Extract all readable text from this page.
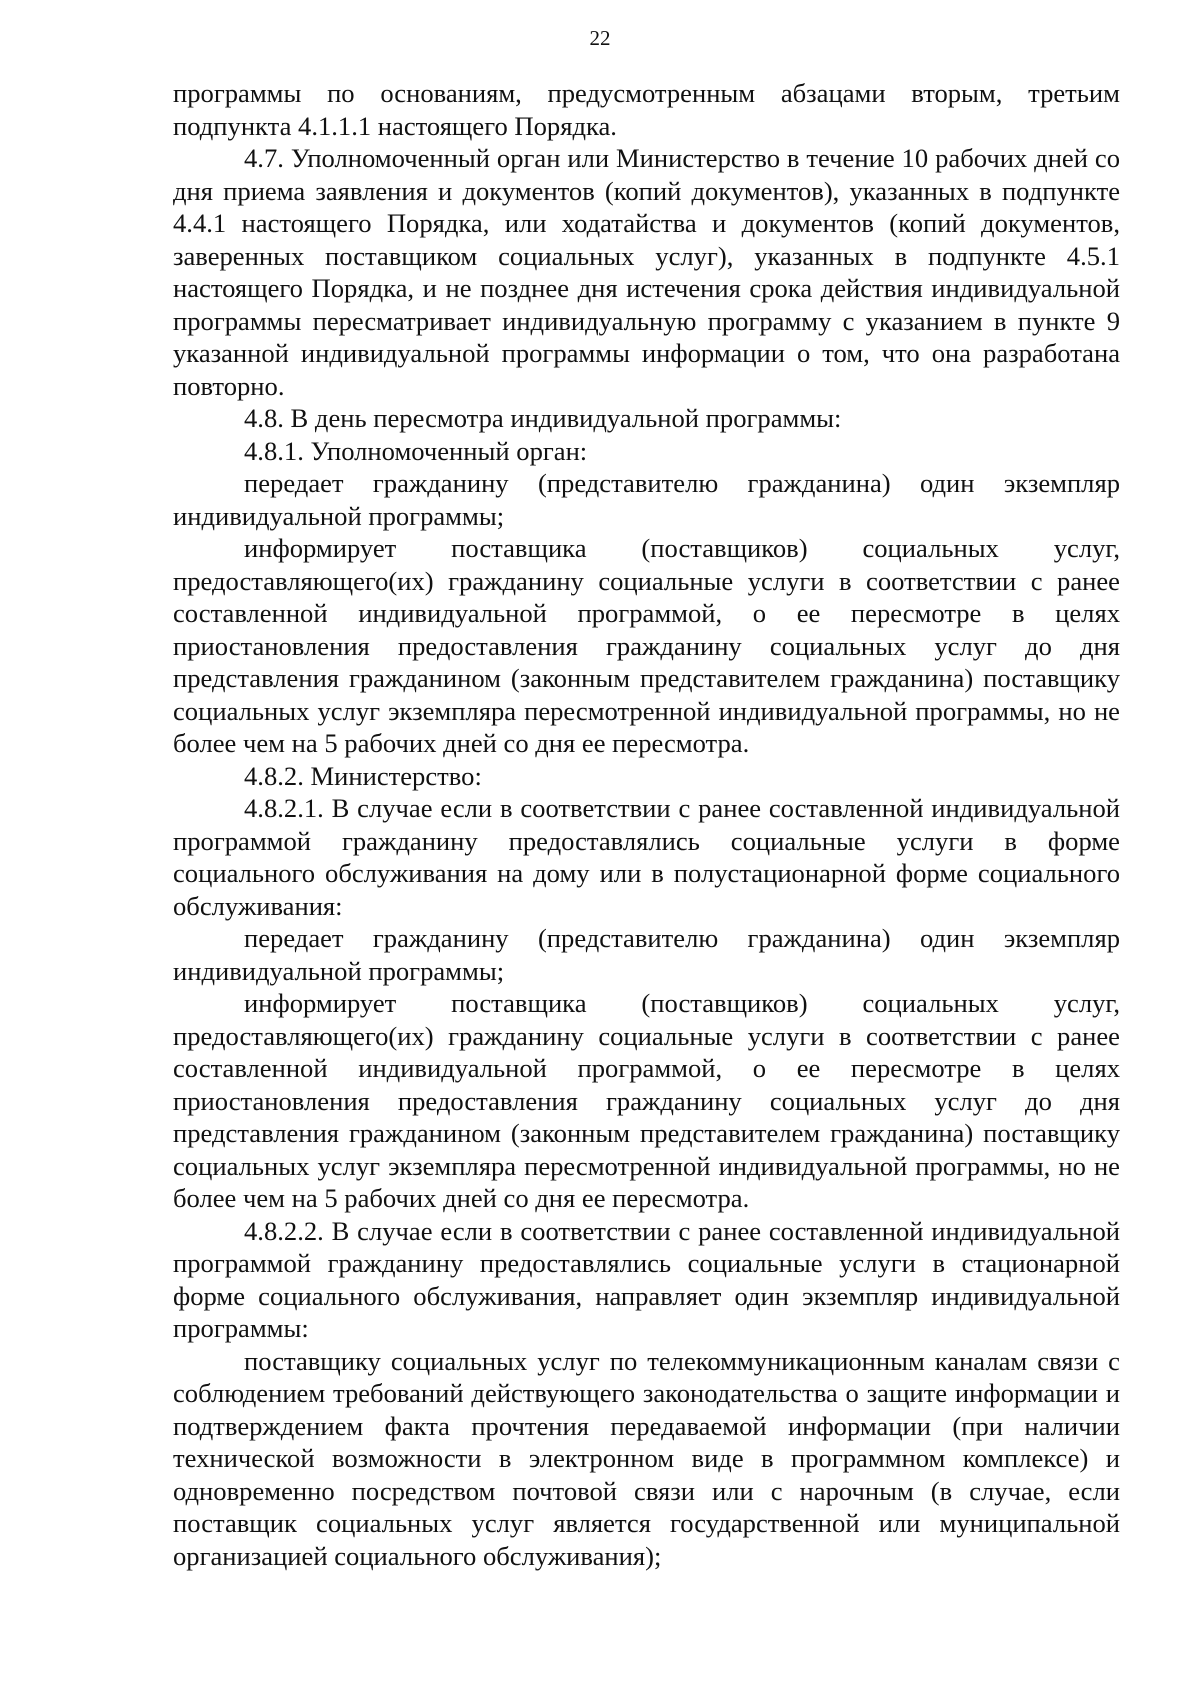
22

программы по основаниям, предусмотренным абзацами вторым, третьим подпункта 4.1.1.1 настоящего Порядка.

4.7. Уполномоченный орган или Министерство в течение 10 рабочих дней со дня приема заявления и документов (копий документов), указанных в подпункте 4.4.1 настоящего Порядка, или ходатайства и документов (копий документов, заверенных поставщиком социальных услуг), указанных в подпункте 4.5.1 настоящего Порядка, и не позднее дня истечения срока действия индивидуальной программы пересматривает индивидуальную программу с указанием в пункте 9 указанной индивидуальной программы информации о том, что она разработана повторно.

4.8. В день пересмотра индивидуальной программы:

4.8.1. Уполномоченный орган:

передает гражданину (представителю гражданина) один экземпляр индивидуальной программы;

информирует поставщика (поставщиков) социальных услуг, предоставляющего(их) гражданину социальные услуги в соответствии с ранее составленной индивидуальной программой, о ее пересмотре в целях приостановления предоставления гражданину социальных услуг до дня представления гражданином (законным представителем гражданина) поставщику социальных услуг экземпляра пересмотренной индивидуальной программы, но не более чем на 5 рабочих дней со дня ее пересмотра.

4.8.2. Министерство:

4.8.2.1. В случае если в соответствии с ранее составленной индивидуальной программой гражданину предоставлялись социальные услуги в форме социального обслуживания на дому или в полустационарной форме социального обслуживания:

передает гражданину (представителю гражданина) один экземпляр индивидуальной программы;

информирует поставщика (поставщиков) социальных услуг, предоставляющего(их) гражданину социальные услуги в соответствии с ранее составленной индивидуальной программой, о ее пересмотре в целях приостановления предоставления гражданину социальных услуг до дня представления гражданином (законным представителем гражданина) поставщику социальных услуг экземпляра пересмотренной индивидуальной программы, но не более чем на 5 рабочих дней со дня ее пересмотра.

4.8.2.2. В случае если в соответствии с ранее составленной индивидуальной программой гражданину предоставлялись социальные услуги в стационарной форме социального обслуживания, направляет один экземпляр индивидуальной программы:

поставщику социальных услуг по телекоммуникационным каналам связи с соблюдением требований действующего законодательства о защите информации и подтверждением факта прочтения передаваемой информации (при наличии технической возможности в электронном виде в программном комплексе) и одновременно посредством почтовой связи или с нарочным (в случае, если поставщик социальных услуг является государственной или муниципальной организацией социального обслуживания);
